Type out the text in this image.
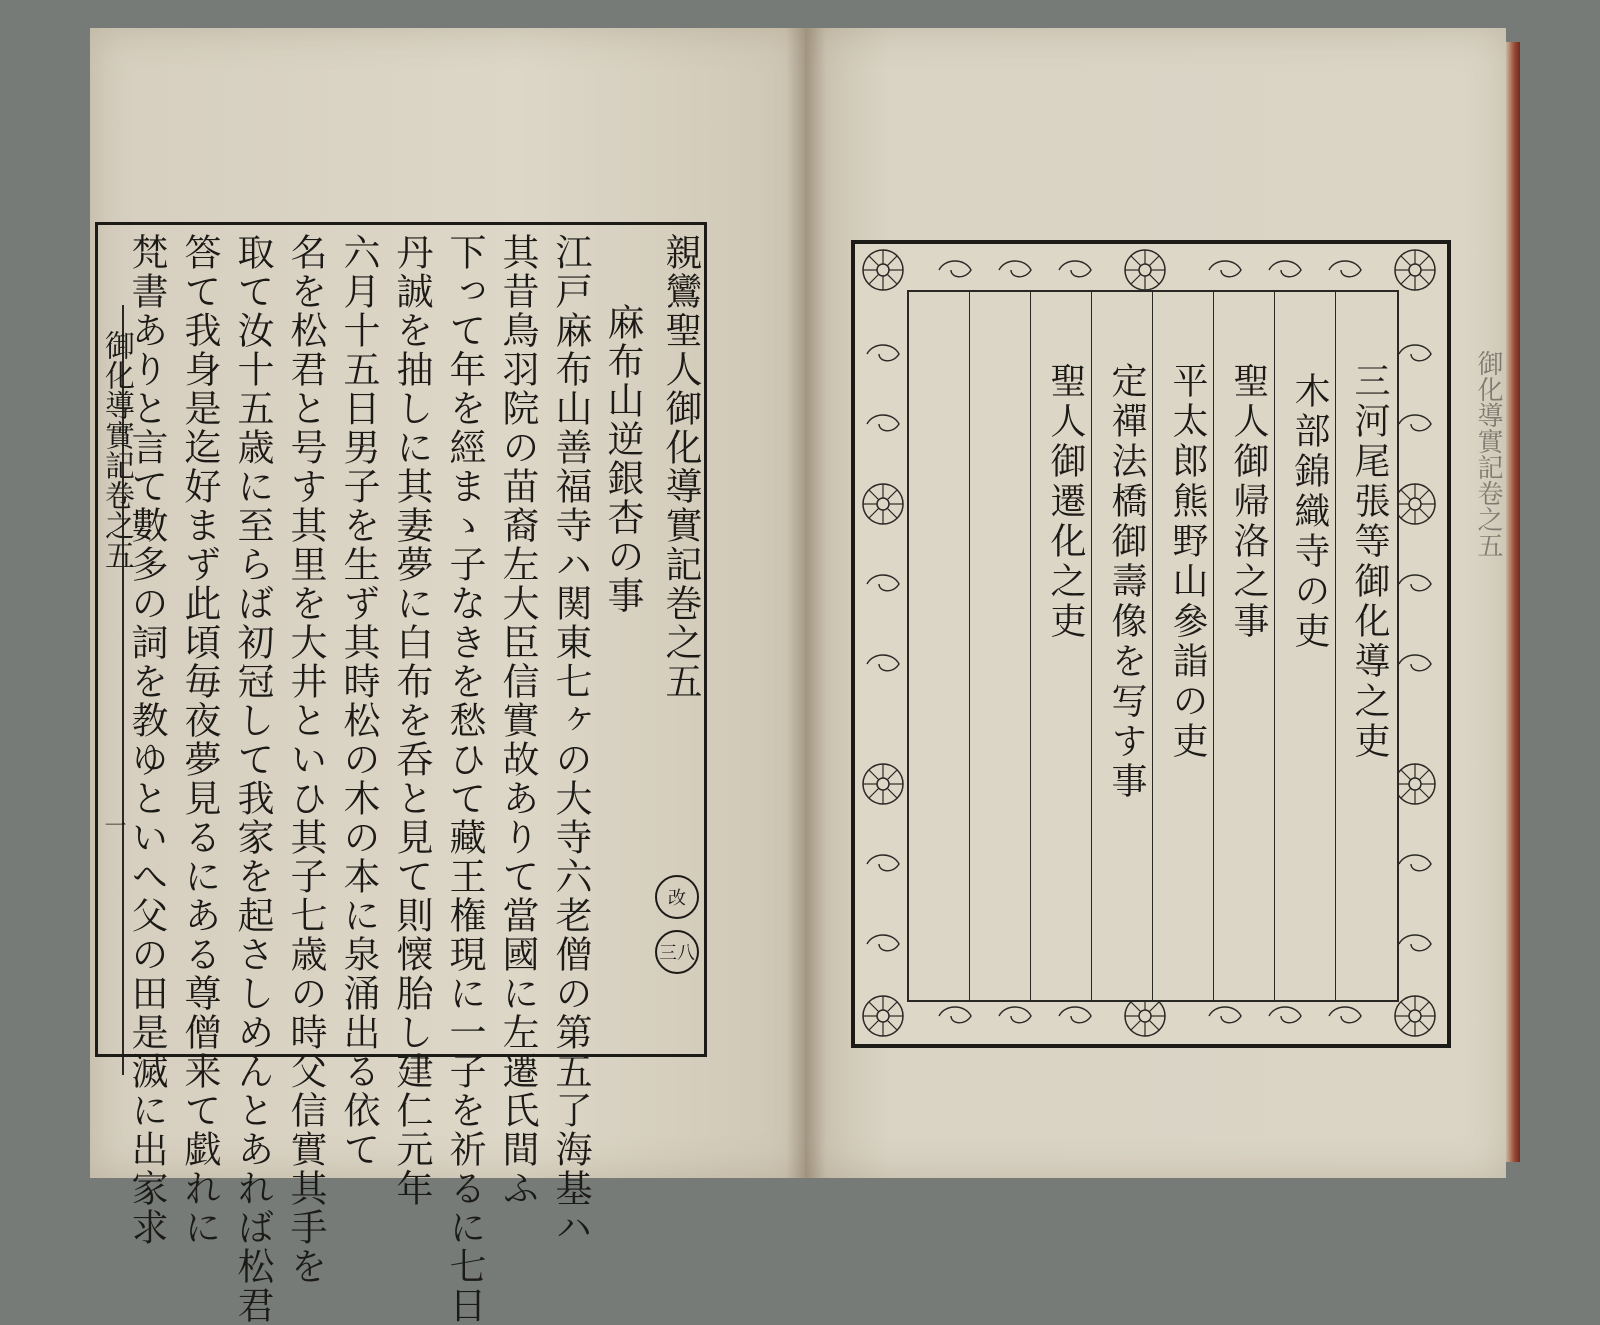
御化導實記卷之五
一
親鸞聖人御化導實記巻之五
麻布山逆銀杏の事
江戸麻布山善福寺ハ関東七ヶの大寺六老僧の第五了海基ハ
其昔鳥羽院の苗裔左大臣信實故ありて當國に左遷氏間ふ
下って年を經まゝ子なきを愁ひて藏王権現に一子を祈るに七日
丹誠を抽しに其妻夢に白布を呑と見て則懐胎し建仁元年
六月十五日男子を生ず其時松の木の本に泉涌出る依て
名を松君と号す其里を大井といひ其子七歳の時父信實其手を
取て汝十五歳に至らば初冠して我家を起さしめんとあれば松君
答て我身是迄好まず此頃毎夜夢見るにある尊僧来て戯れに
梵書ありと言て數多の詞を教ゆといへ父の田是滅に出家求	改
三八
三河尾張等御化導之吏
木部錦織寺の吏
聖人御帰洛之事
平太郎熊野山參詣の吏
定禪法橋御壽像を写す事
聖人御遷化之吏	御化導實記卷之五
